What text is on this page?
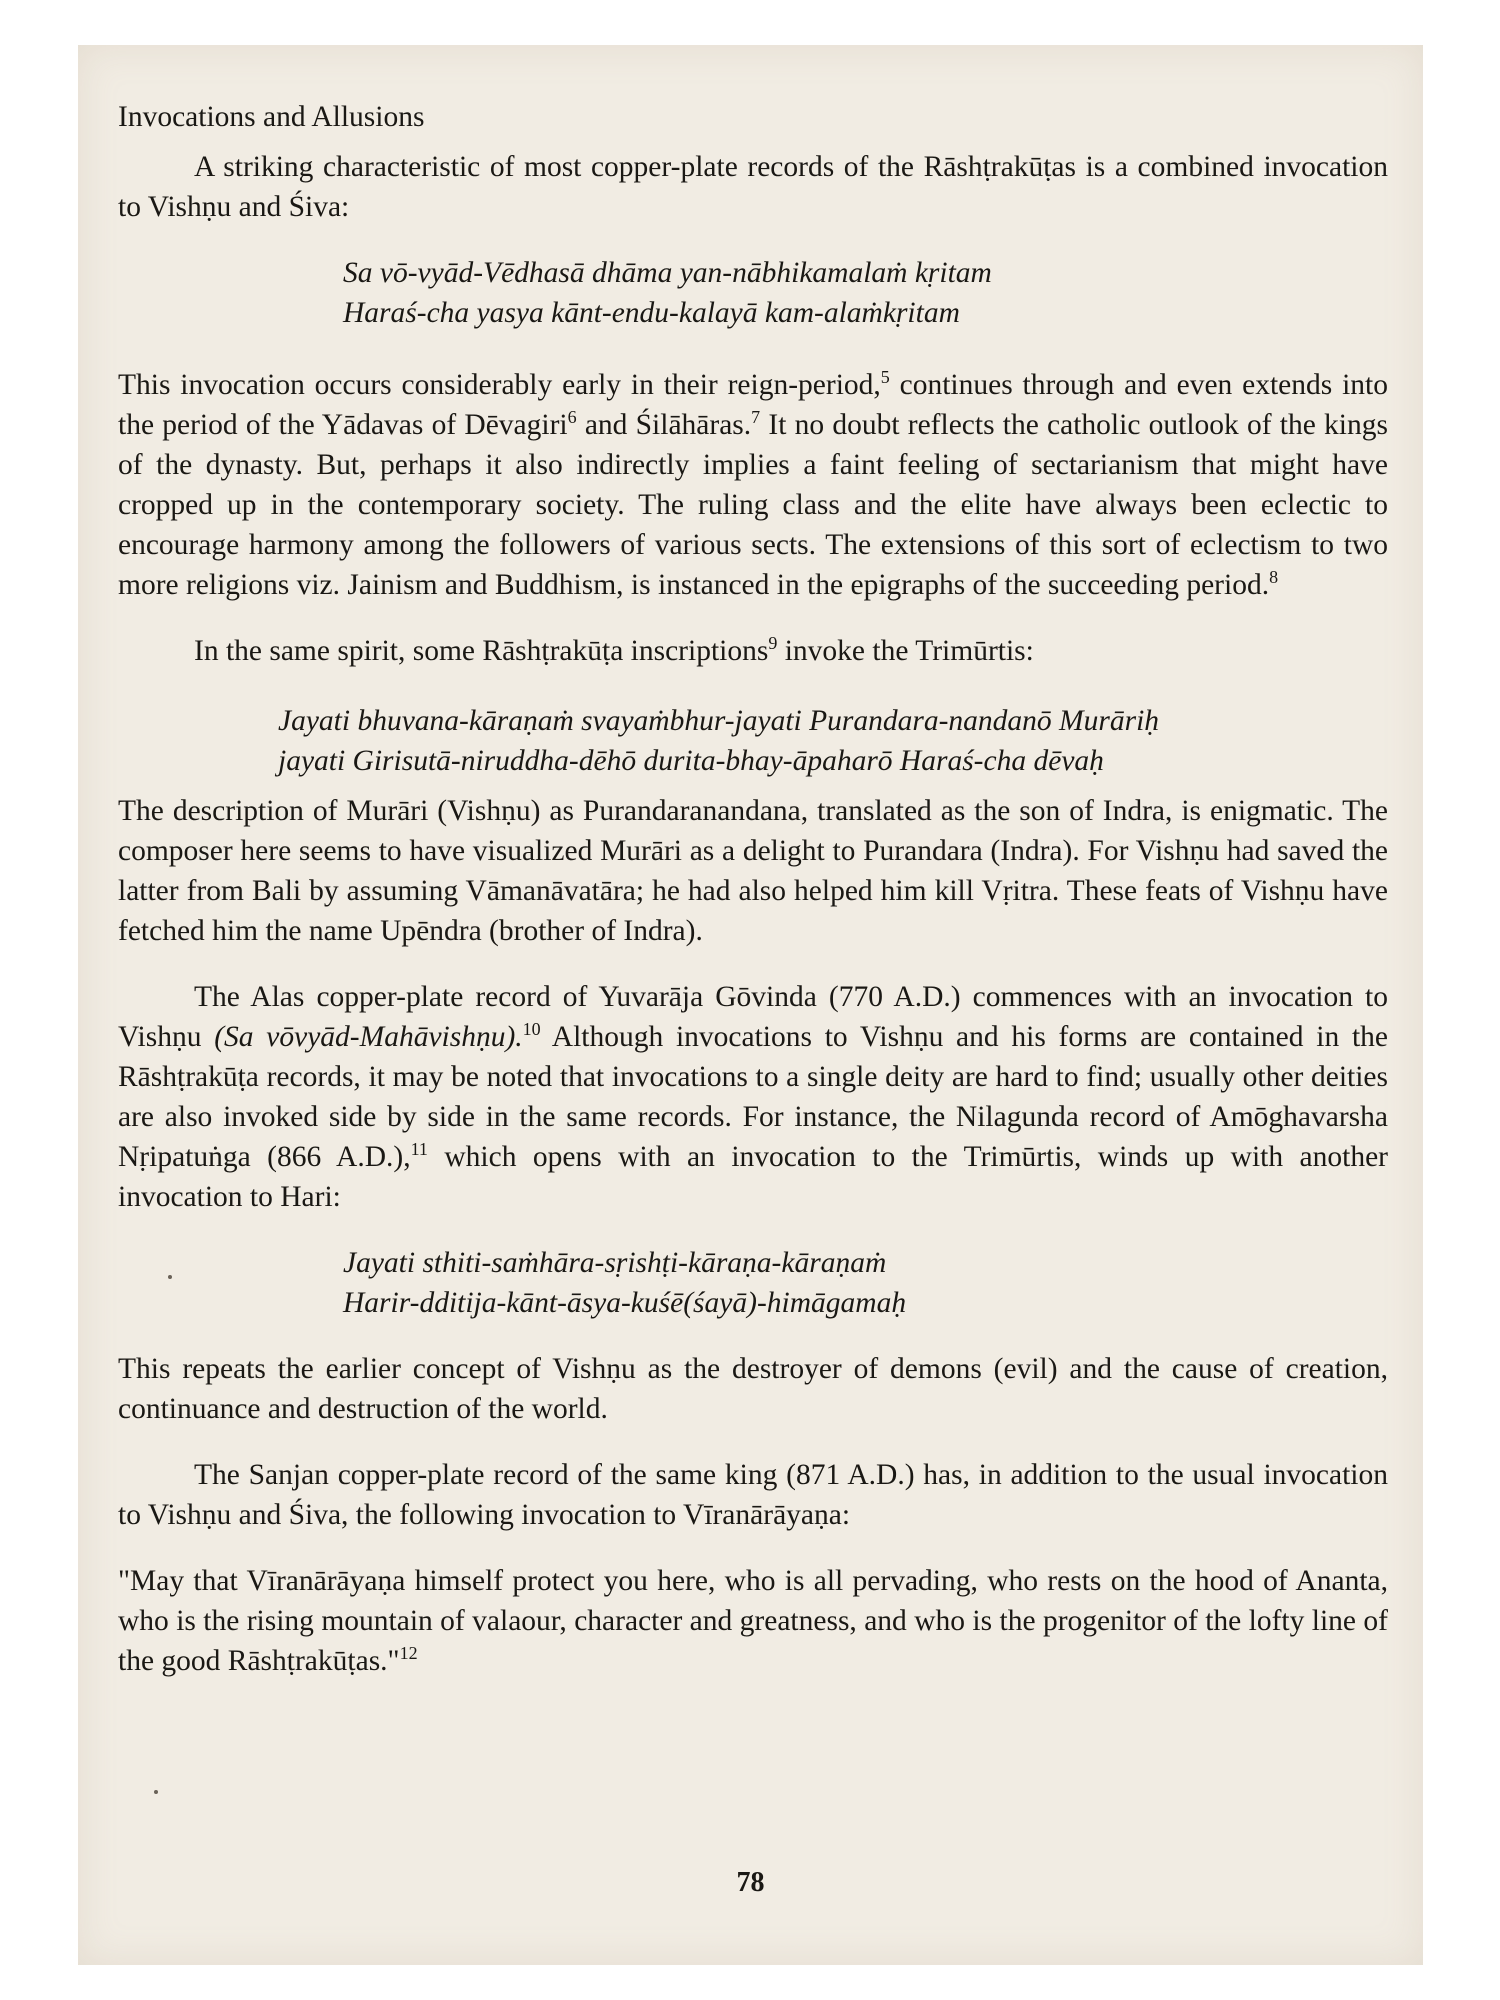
Invocations and Allusions

A striking characteristic of most copper-plate records of the Rāshṭrakūṭas is a combined invocation to Vishṇu and Śiva:

Sa vō-vyād-Vēdhasā dhāma yan-nābhikamalaṁ kṛitam
Haraś-cha yasya kānt-endu-kalayā kam-alaṁkṛitam

This invocation occurs considerably early in their reign-period,$^5$ continues through and even extends into the period of the Yādavas of Dēvagiri$^6$ and Śilāhāras.$^7$ It no doubt reflects the catholic outlook of the kings of the dynasty. But, perhaps it also indirectly implies a faint feeling of sectarianism that might have cropped up in the contemporary society. The ruling class and the elite have always been eclectic to encourage harmony among the followers of various sects. The extensions of this sort of eclectism to two more religions viz. Jainism and Buddhism, is instanced in the epigraphs of the succeeding period.$^8$

In the same spirit, some Rāshṭrakūṭa inscriptions$^9$ invoke the Trimūrtis:

Jayati bhuvana-kāraṇaṁ svayaṁbhur-jayati Purandara-nandanō Murāriḥ
jayati Girisutā-niruddha-dēhō durita-bhay-āpaharō Haraś-cha dēvaḥ

The description of Murāri (Vishṇu) as Purandaranandana, translated as the son of Indra, is enigmatic. The composer here seems to have visualized Murāri as a delight to Purandara (Indra). For Vishṇu had saved the latter from Bali by assuming Vāmanāvatāra; he had also helped him kill Vṛitra. These feats of Vishṇu have fetched him the name Upēndra (brother of Indra).

The Alas copper-plate record of Yuvarāja Gōvinda (770 A.D.) commences with an invocation to Vishṇu (Sa vōvyād-Mahāvishṇu).$^{10}$ Although invocations to Vishṇu and his forms are contained in the Rāshṭrakūṭa records, it may be noted that invocations to a single deity are hard to find; usually other deities are also invoked side by side in the same records. For instance, the Nilagunda record of Amōghavarsha Nṛipatuṅga (866 A.D.),$^{11}$ which opens with an invocation to the Trimūrtis, winds up with another invocation to Hari:

Jayati sthiti-saṁhāra-sṛishṭi-kāraṇa-kāraṇaṁ
Harir-dditija-kānt-āsya-kuśē(śayā)-himāgamaḥ

This repeats the earlier concept of Vishṇu as the destroyer of demons (evil) and the cause of creation, continuance and destruction of the world.

The Sanjan copper-plate record of the same king (871 A.D.) has, in addition to the usual invocation to Vishṇu and Śiva, the following invocation to Vīranārāyaṇa:

"May that Vīranārāyaṇa himself protect you here, who is all pervading, who rests on the hood of Ananta, who is the rising mountain of valaour, character and greatness, and who is the progenitor of the lofty line of the good Rāshṭrakūṭas."$^{12}$

78
